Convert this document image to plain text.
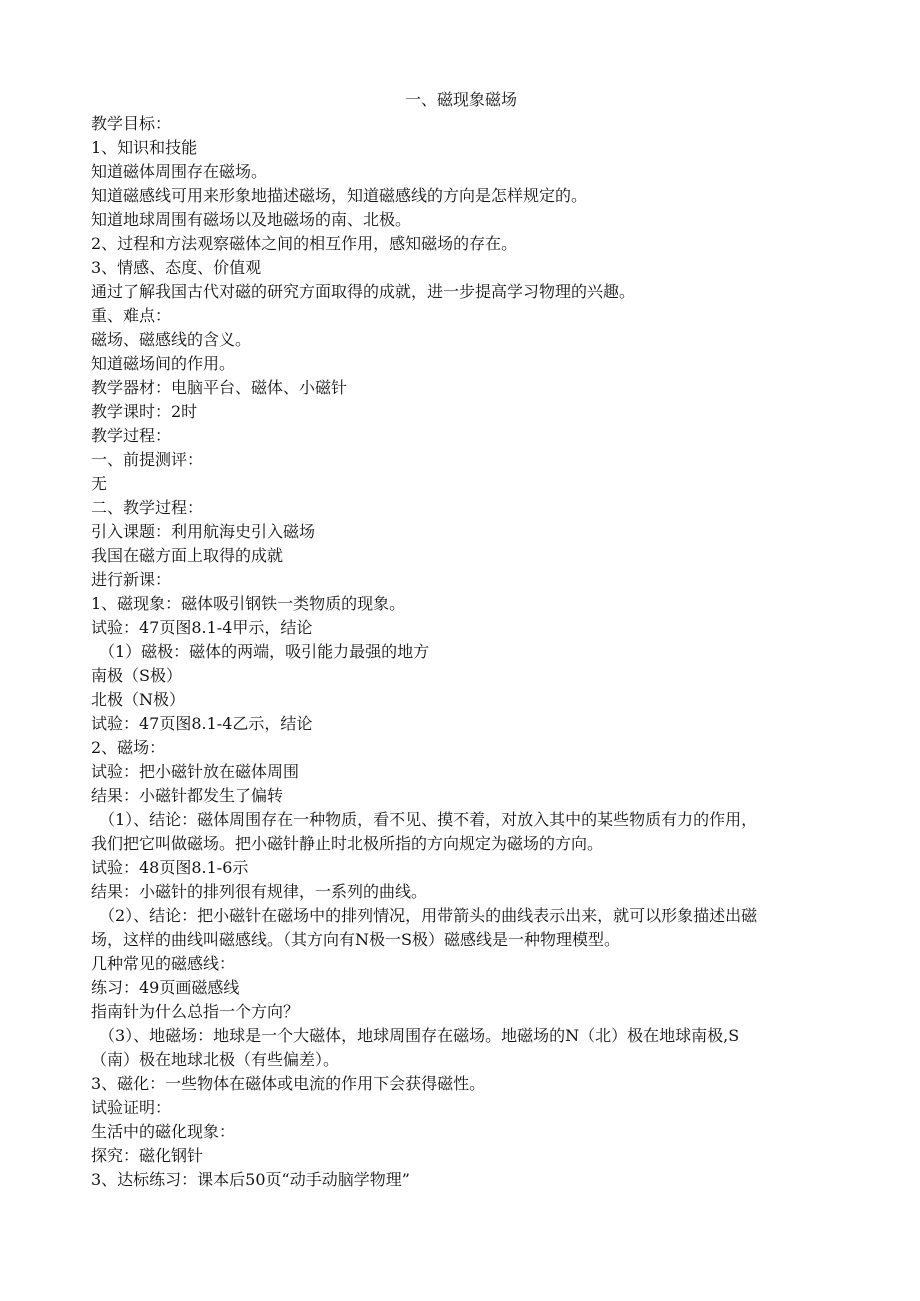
一、磁现象磁场

教学目标：

1、知识和技能

知道磁体周围存在磁场。

知道磁感线可用来形象地描述磁场，知道磁感线的方向是怎样规定的。

知道地球周围有磁场以及地磁场的南、北极。

2、过程和方法观察磁体之间的相互作用，感知磁场的存在。

3、情感、态度、价值观

通过了解我国古代对磁的研究方面取得的成就，进一步提高学习物理的兴趣。

重、难点：

磁场、磁感线的含义。

知道磁场间的作用。

教学器材：电脑平台、磁体、小磁针

教学课时：2时

教学过程：

一、前提测评：

无

二、教学过程：

引入课题：利用航海史引入磁场

我国在磁方面上取得的成就

进行新课：

1、磁现象：磁体吸引钢铁一类物质的现象。

试验：47页图8.1-4甲示，结论

（1）磁极：磁体的两端，吸引能力最强的地方

南极（S极）

北极（N极）

试验：47页图8.1-4乙示，结论

2、磁场：

试验：把小磁针放在磁体周围

结果：小磁针都发生了偏转

（1）、结论：磁体周围存在一种物质，看不见、摸不着，对放入其中的某些物质有力的作用，

我们把它叫做磁场。把小磁针静止时北极所指的方向规定为磁场的方向。

试验：48页图8.1-6示

结果：小磁针的排列很有规律，一系列的曲线。

（2）、结论：把小磁针在磁场中的排列情况，用带箭头的曲线表示出来，就可以形象描述出磁

场，这样的曲线叫磁感线。（其方向有N极一S极）磁感线是一种物理模型。

几种常见的磁感线：

练习：49页画磁感线

指南针为什么总指一个方向？

（3）、地磁场：地球是一个大磁体，地球周围存在磁场。地磁场的N（北）极在地球南极,S

（南）极在地球北极（有些偏差）。

3、磁化：一些物体在磁体或电流的作用下会获得磁性。

试验证明：

生活中的磁化现象：

探究：磁化钢针

3、达标练习：课本后50页“动手动脑学物理”
